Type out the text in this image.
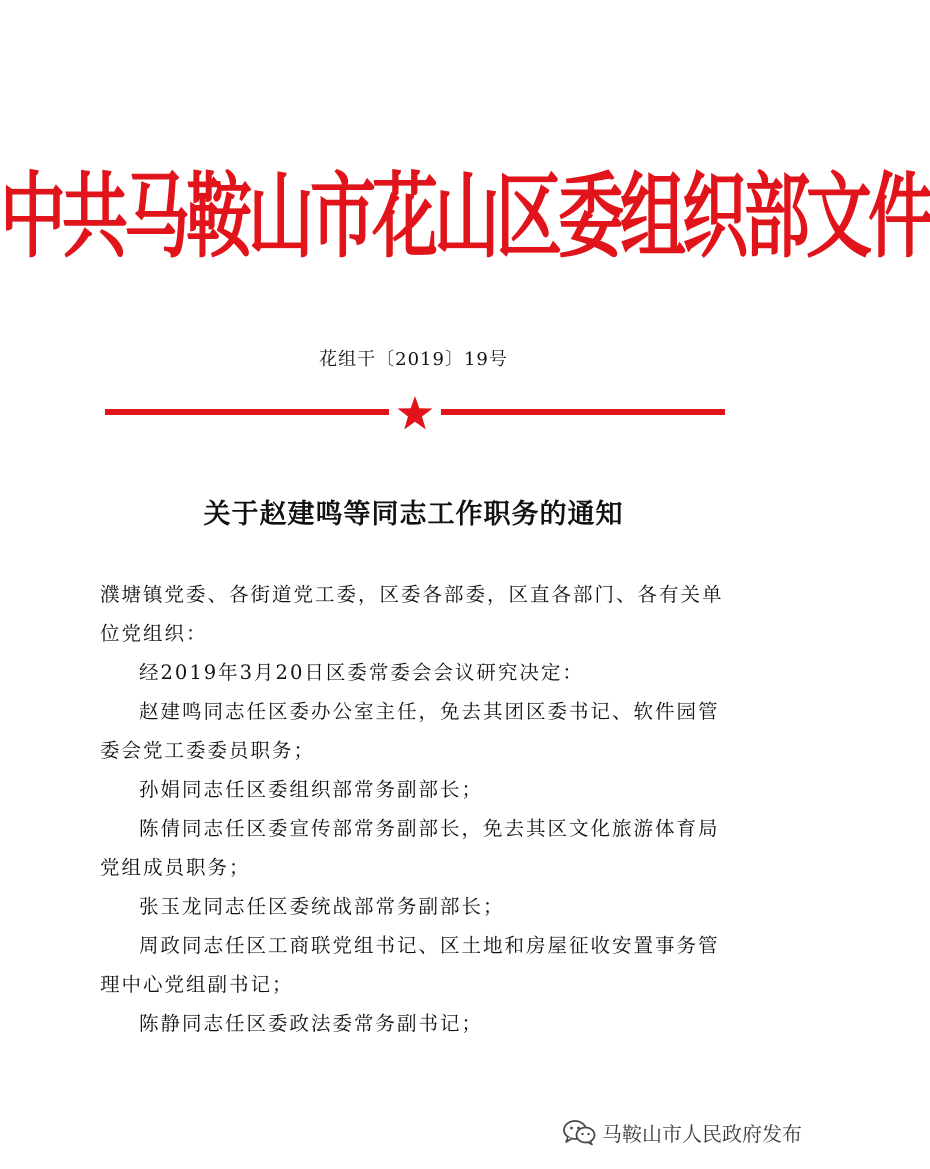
中共马鞍山市花山区委组织部文件
花组干〔2019〕19号
关于赵建鸣等同志工作职务的通知

濮塘镇党委、各街道党工委，区委各部委，区直各部门、各有关单位党组织：

经2019年3月20日区委常委会会议研究决定：

赵建鸣同志任区委办公室主任，免去其团区委书记、软件园管委会党工委委员职务；

孙娟同志任区委组织部常务副部长；

陈倩同志任区委宣传部常务副部长，免去其区文化旅游体育局党组成员职务；

张玉龙同志任区委统战部常务副部长；

周政同志任区工商联党组书记、区土地和房屋征收安置事务管理中心党组副书记；

陈静同志任区委政法委常务副书记；

马鞍山市人民政府发布
